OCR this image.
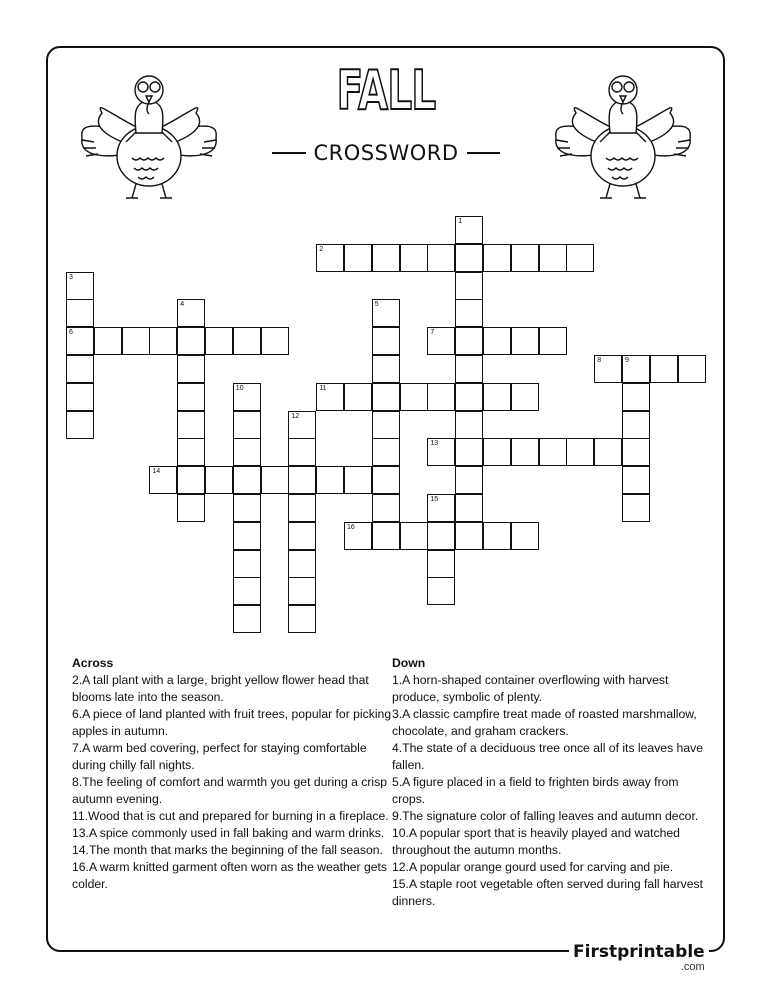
FALL
CROSSWORD
1
2
3
6
4	5
7
8	9
10	11
12
13
14
15
16
Across

2.A tall plant with a large, bright yellow flower head that blooms late into the season.

6.A piece of land planted with fruit trees, popular for picking apples in autumn.

7.A warm bed covering, perfect for staying comfortable during chilly fall nights.

8.The feeling of comfort and warmth you get during a crisp autumn evening.

11.Wood that is cut and prepared for burning in a fireplace.

13.A spice commonly used in fall baking and warm drinks.

14.The month that marks the beginning of the fall season.

16.A warm knitted garment often worn as the weather gets colder.

Down

1.A horn-shaped container overflowing with harvest produce, symbolic of plenty.

3.A classic campfire treat made of roasted marshmallow, chocolate, and graham crackers.

4.The state of a deciduous tree once all of its leaves have fallen.

5.A figure placed in a field to frighten birds away from crops.

9.The signature color of falling leaves and autumn decor.

10.A popular sport that is heavily played and watched throughout the autumn months.

12.A popular orange gourd used for carving and pie.

15.A staple root vegetable often served during fall harvest dinners.

Firstprintable
.com
